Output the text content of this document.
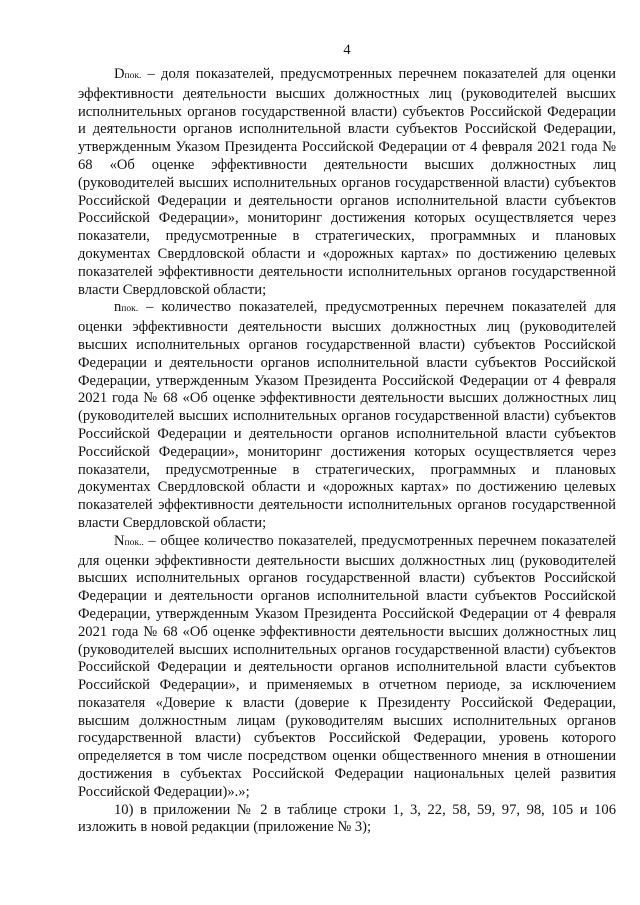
4

Dпок. – доля показателей, предусмотренных перечнем показателей для оценки эффективности деятельности высших должностных лиц (руководителей высших исполнительных органов государственной власти) субъектов Российской Федерации и деятельности органов исполнительной власти субъектов Российской Федерации, утвержденным Указом Президента Российской Федерации от 4 февраля 2021 года № 68 «Об оценке эффективности деятельности высших должностных лиц (руководителей высших исполнительных органов государственной власти) субъектов Российской Федерации и деятельности органов исполнительной власти субъектов Российской Федерации», мониторинг достижения которых осуществляется через показатели, предусмотренные в стратегических, программных и плановых документах Свердловской области и «дорожных картах» по достижению целевых показателей эффективности деятельности исполнительных органов государственной власти Свердловской области;

nпок. – количество показателей, предусмотренных перечнем показателей для оценки эффективности деятельности высших должностных лиц (руководителей высших исполнительных органов государственной власти) субъектов Российской Федерации и деятельности органов исполнительной власти субъектов Российской Федерации, утвержденным Указом Президента Российской Федерации от 4 февраля 2021 года № 68 «Об оценке эффективности деятельности высших должностных лиц (руководителей высших исполнительных органов государственной власти) субъектов Российской Федерации и деятельности органов исполнительной власти субъектов Российской Федерации», мониторинг достижения которых осуществляется через показатели, предусмотренные в стратегических, программных и плановых документах Свердловской области и «дорожных картах» по достижению целевых показателей эффективности деятельности исполнительных органов государственной власти Свердловской области;

Nпок.. – общее количество показателей, предусмотренных перечнем показателей для оценки эффективности деятельности высших должностных лиц (руководителей высших исполнительных органов государственной власти) субъектов Российской Федерации и деятельности органов исполнительной власти субъектов Российской Федерации, утвержденным Указом Президента Российской Федерации от 4 февраля 2021 года № 68 «Об оценке эффективности деятельности высших должностных лиц (руководителей высших исполнительных органов государственной власти) субъектов Российской Федерации и деятельности органов исполнительной власти субъектов Российской Федерации», и применяемых в отчетном периоде, за исключением показателя «Доверие к власти (доверие к Президенту Российской Федерации, высшим должностным лицам (руководителям высших исполнительных органов государственной власти) субъектов Российской Федерации, уровень которого определяется в том числе посредством оценки общественного мнения в отношении достижения в субъектах Российской Федерации национальных целей развития Российской Федерации)».»;

10) в приложении № 2 в таблице строки 1, 3, 22, 58, 59, 97, 98, 105 и 106 изложить в новой редакции (приложение № 3);
